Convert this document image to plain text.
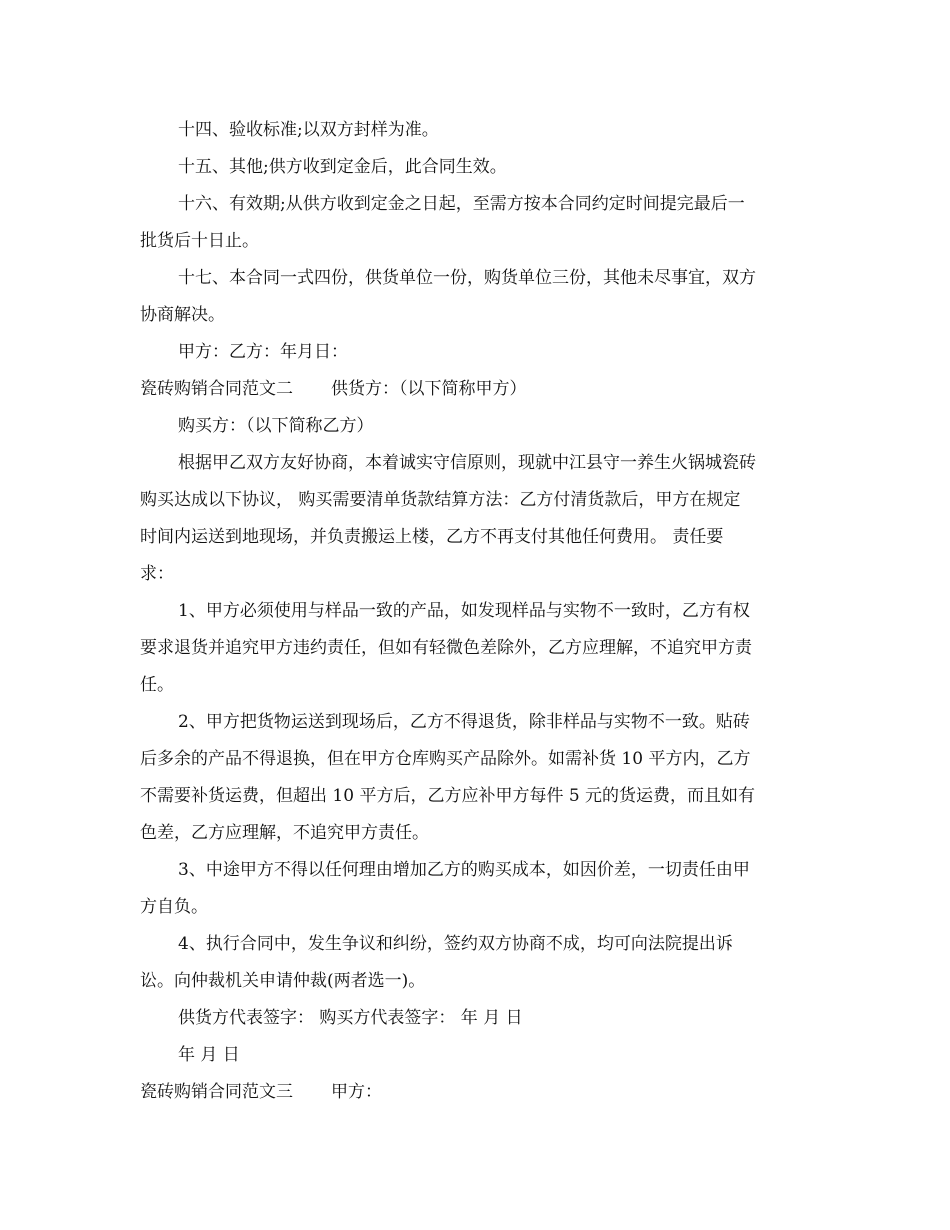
十四、验收标准;以双方封样为准。
十五、其他;供方收到定金后，此合同生效。
十六、有效期;从供方收到定金之日起，至需方按本合同约定时间提完最后一
批货后十日止。
十七、本合同一式四份，供货单位一份，购货单位三份，其他未尽事宜，双方
协商解决。
甲方：乙方：年月日：
瓷砖购销合同范文二 供货方：（以下简称甲方）
购买方：（以下简称乙方）
根据甲乙双方友好协商，本着诚实守信原则，现就中江县守一养生火锅城瓷砖
购买达成以下协议， 购买需要清单货款结算方法：乙方付清货款后，甲方在规定
时间内运送到地现场，并负责搬运上楼，乙方不再支付其他任何费用。 责任要
求：
1、甲方必须使用与样品一致的产品，如发现样品与实物不一致时，乙方有权
要求退货并追究甲方违约责任，但如有轻微色差除外，乙方应理解，不追究甲方责
任。
2、甲方把货物运送到现场后，乙方不得退货，除非样品与实物不一致。贴砖
后多余的产品不得退换，但在甲方仓库购买产品除外。如需补货 10 平方内，乙方
不需要补货运费，但超出 10 平方后，乙方应补甲方每件 5 元的货运费，而且如有
色差，乙方应理解，不追究甲方责任。
3、中途甲方不得以任何理由增加乙方的购买成本，如因价差，一切责任由甲
方自负。
4、执行合同中，发生争议和纠纷，签约双方协商不成，均可向法院提出诉
讼。向仲裁机关申请仲裁(两者选一)。
供货方代表签字： 购买方代表签字： 年 月 日
年 月 日
瓷砖购销合同范文三 甲方：
